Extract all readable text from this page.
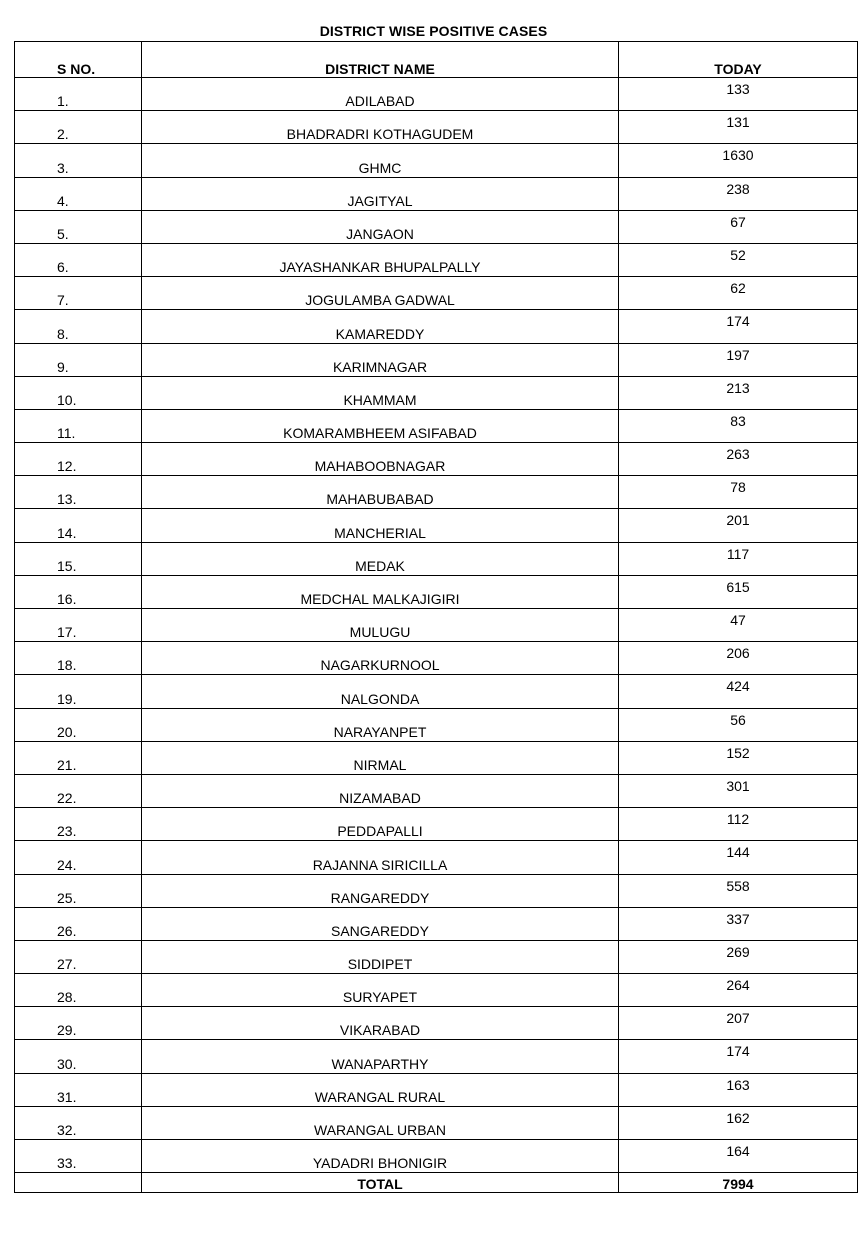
DISTRICT WISE POSITIVE CASES
S NO.	DISTRICT NAME	TODAY
1.	ADILABAD	133
2.	BHADRADRI KOTHAGUDEM	131
3.	GHMC	1630
4.	JAGITYAL	238
5.	JANGAON	67
6.	JAYASHANKAR BHUPALPALLY	52
7.	JOGULAMBA GADWAL	62
8.	KAMAREDDY	174
9.	KARIMNAGAR	197
10.	KHAMMAM	213
11.	KOMARAMBHEEM ASIFABAD	83
12.	MAHABOOBNAGAR	263
13.	MAHABUBABAD	78
14.	MANCHERIAL	201
15.	MEDAK	117
16.	MEDCHAL MALKAJIGIRI	615
17.	MULUGU	47
18.	NAGARKURNOOL	206
19.	NALGONDA	424
20.	NARAYANPET	56
21.	NIRMAL	152
22.	NIZAMABAD	301
23.	PEDDAPALLI	112
24.	RAJANNA SIRICILLA	144
25.	RANGAREDDY	558
26.	SANGAREDDY	337
27.	SIDDIPET	269
28.	SURYAPET	264
29.	VIKARABAD	207
30.	WANAPARTHY	174
31.	WARANGAL RURAL	163
32.	WARANGAL URBAN	162
33.	YADADRI BHONIGIR	164
	TOTAL	7994
